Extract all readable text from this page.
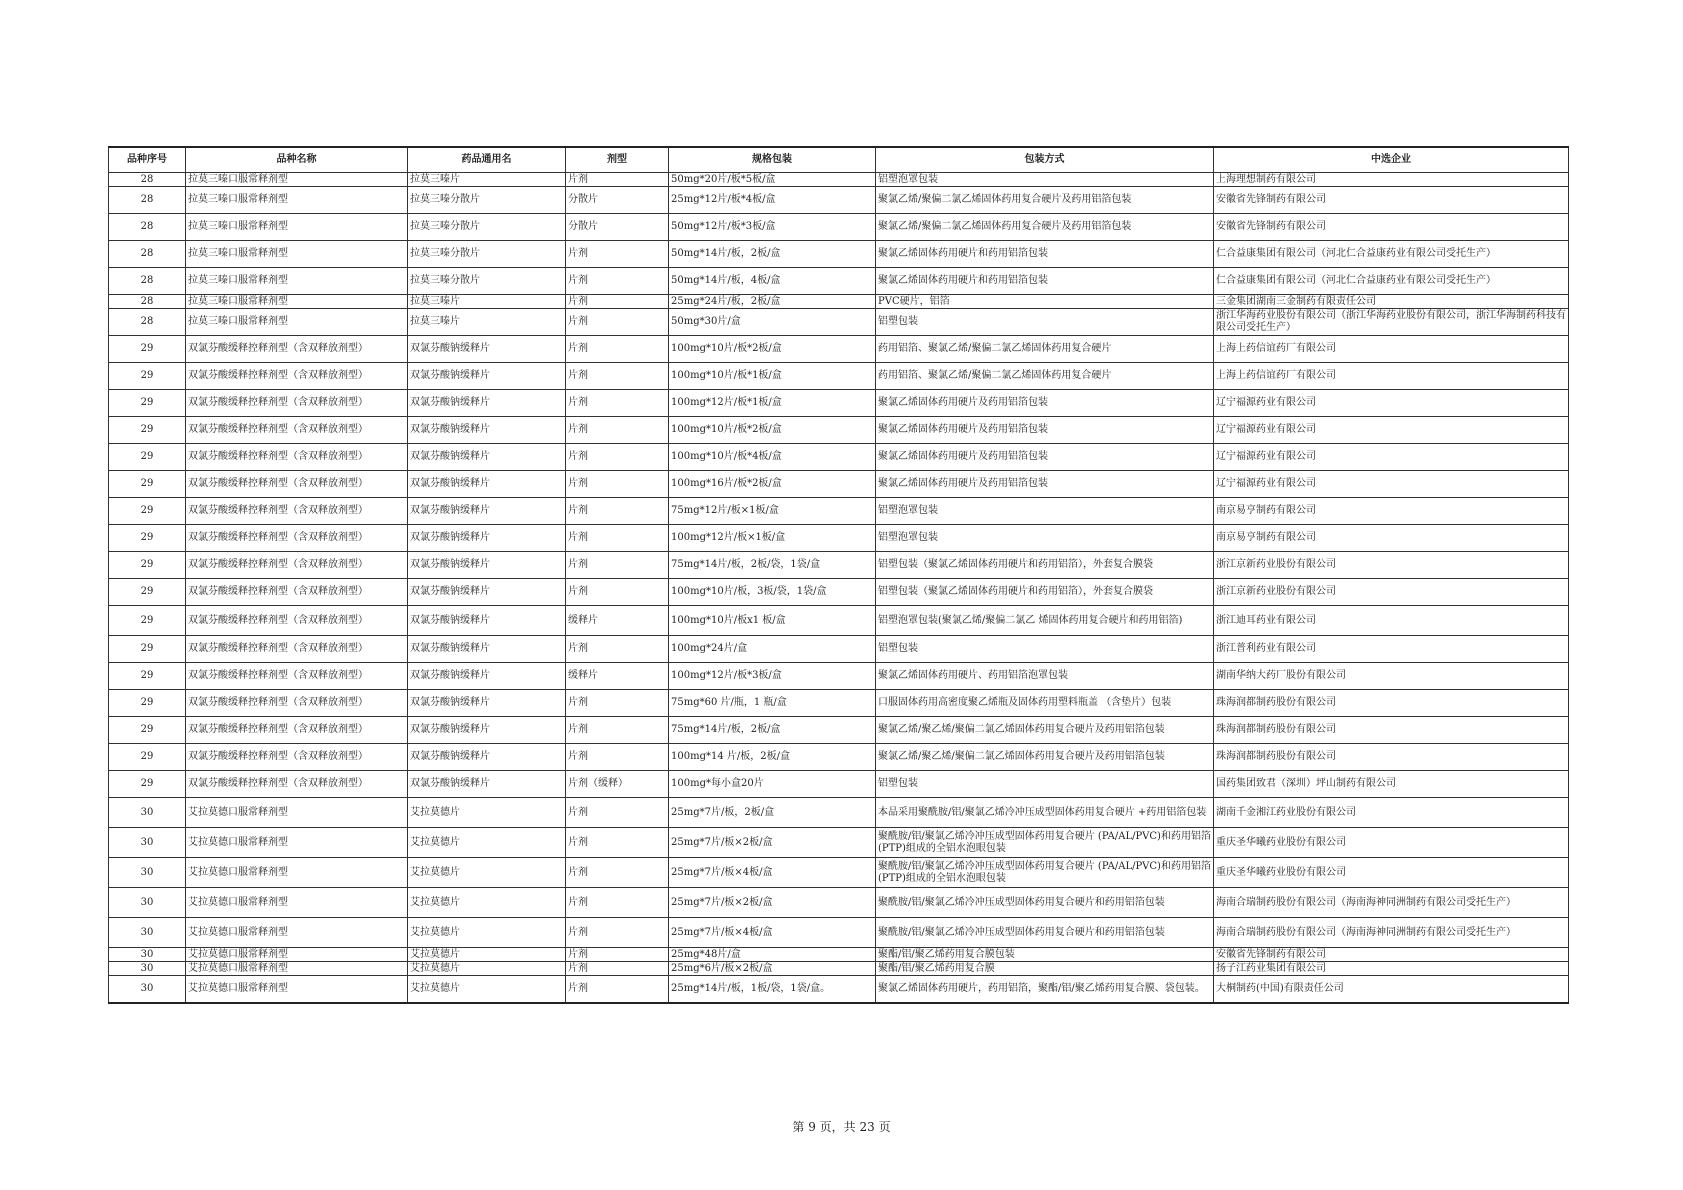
品种序号	品种名称	药品通用名	剂型	规格包装	包装方式	中选企业
28	拉莫三嗪口服常释剂型	拉莫三嗪片	片剂	50mg*20片/板*5板/盒	铝塑泡罩包装	上海理想制药有限公司
28	拉莫三嗪口服常释剂型	拉莫三嗪分散片	分散片	25mg*12片/板*4板/盒	聚氯乙烯/聚偏二氯乙烯固体药用复合硬片及药用铝箔包装	安徽省先锋制药有限公司
28	拉莫三嗪口服常释剂型	拉莫三嗪分散片	分散片	50mg*12片/板*3板/盒	聚氯乙烯/聚偏二氯乙烯固体药用复合硬片及药用铝箔包装	安徽省先锋制药有限公司
28	拉莫三嗪口服常释剂型	拉莫三嗪分散片	片剂	50mg*14片/板，2板/盒	聚氯乙烯固体药用硬片和药用铝箔包装	仁合益康集团有限公司（河北仁合益康药业有限公司受托生产）
28	拉莫三嗪口服常释剂型	拉莫三嗪分散片	片剂	50mg*14片/板，4板/盒	聚氯乙烯固体药用硬片和药用铝箔包装	仁合益康集团有限公司（河北仁合益康药业有限公司受托生产）
28	拉莫三嗪口服常释剂型	拉莫三嗪片	片剂	25mg*24片/板，2板/盒	PVC硬片，铝箔	三金集团湖南三金制药有限责任公司
28	拉莫三嗪口服常释剂型	拉莫三嗪片	片剂	50mg*30片/盒	铝塑包装	浙江华海药业股份有限公司（浙江华海药业股份有限公司，浙江华海制药科技有限公司受托生产）
29	双氯芬酸缓释控释剂型（含双释放剂型）	双氯芬酸钠缓释片	片剂	100mg*10片/板*2板/盒	药用铝箔、聚氯乙烯/聚偏二氯乙烯固体药用复合硬片	上海上药信谊药厂有限公司
29	双氯芬酸缓释控释剂型（含双释放剂型）	双氯芬酸钠缓释片	片剂	100mg*10片/板*1板/盒	药用铝箔、聚氯乙烯/聚偏二氯乙烯固体药用复合硬片	上海上药信谊药厂有限公司
29	双氯芬酸缓释控释剂型（含双释放剂型）	双氯芬酸钠缓释片	片剂	100mg*12片/板*1板/盒	聚氯乙烯固体药用硬片及药用铝箔包装	辽宁福源药业有限公司
29	双氯芬酸缓释控释剂型（含双释放剂型）	双氯芬酸钠缓释片	片剂	100mg*10片/板*2板/盒	聚氯乙烯固体药用硬片及药用铝箔包装	辽宁福源药业有限公司
29	双氯芬酸缓释控释剂型（含双释放剂型）	双氯芬酸钠缓释片	片剂	100mg*10片/板*4板/盒	聚氯乙烯固体药用硬片及药用铝箔包装	辽宁福源药业有限公司
29	双氯芬酸缓释控释剂型（含双释放剂型）	双氯芬酸钠缓释片	片剂	100mg*16片/板*2板/盒	聚氯乙烯固体药用硬片及药用铝箔包装	辽宁福源药业有限公司
29	双氯芬酸缓释控释剂型（含双释放剂型）	双氯芬酸钠缓释片	片剂	75mg*12片/板×1板/盒	铝塑泡罩包装	南京易亨制药有限公司
29	双氯芬酸缓释控释剂型（含双释放剂型）	双氯芬酸钠缓释片	片剂	100mg*12片/板×1板/盒	铝塑泡罩包装	南京易亨制药有限公司
29	双氯芬酸缓释控释剂型（含双释放剂型）	双氯芬酸钠缓释片	片剂	75mg*14片/板，2板/袋，1袋/盒	铝塑包装（聚氯乙烯固体药用硬片和药用铝箔），外套复合膜袋	浙江京新药业股份有限公司
29	双氯芬酸缓释控释剂型（含双释放剂型）	双氯芬酸钠缓释片	片剂	100mg*10片/板，3板/袋，1袋/盒	铝塑包装（聚氯乙烯固体药用硬片和药用铝箔），外套复合膜袋	浙江京新药业股份有限公司
29	双氯芬酸缓释控释剂型（含双释放剂型）	双氯芬酸钠缓释片	缓释片	100mg*10片/板x1 板/盒	铝塑泡罩包装(聚氯乙烯/聚偏二氯乙 烯固体药用复合硬片和药用铝箔)	浙江迪耳药业有限公司
29	双氯芬酸缓释控释剂型（含双释放剂型）	双氯芬酸钠缓释片	片剂	100mg*24片/盒	铝塑包装	浙江普利药业有限公司
29	双氯芬酸缓释控释剂型（含双释放剂型）	双氯芬酸钠缓释片	缓释片	100mg*12片/板*3板/盒	聚氯乙烯固体药用硬片、药用铝箔泡罩包装	湖南华纳大药厂股份有限公司
29	双氯芬酸缓释控释剂型（含双释放剂型）	双氯芬酸钠缓释片	片剂	75mg*60 片/瓶，1 瓶/盒	口服固体药用高密度聚乙烯瓶及固体药用塑料瓶盖 （含垫片）包装	珠海润都制药股份有限公司
29	双氯芬酸缓释控释剂型（含双释放剂型）	双氯芬酸钠缓释片	片剂	75mg*14片/板，2板/盒	聚氯乙烯/聚乙烯/聚偏二氯乙烯固体药用复合硬片及药用铝箔包装	珠海润都制药股份有限公司
29	双氯芬酸缓释控释剂型（含双释放剂型）	双氯芬酸钠缓释片	片剂	100mg*14 片/板，2板/盒	聚氯乙烯/聚乙烯/聚偏二氯乙烯固体药用复合硬片及药用铝箔包装	珠海润都制药股份有限公司
29	双氯芬酸缓释控释剂型（含双释放剂型）	双氯芬酸钠缓释片	片剂（缓释）	100mg*每小盒20片	铝塑包装	国药集团致君（深圳）坪山制药有限公司
30	艾拉莫德口服常释剂型	艾拉莫德片	片剂	25mg*7片/板，2板/盒	本品采用聚酰胺/铝/聚氯乙烯冷冲压成型固体药用复合硬片 +药用铝箔包装	湖南千金湘江药业股份有限公司
30	艾拉莫德口服常释剂型	艾拉莫德片	片剂	25mg*7片/板×2板/盒	聚酰胺/铝/聚氯乙烯冷冲压成型固体药用复合硬片 (PA/AL/PVC)和药用铝箔(PTP)组成的全铝水泡眼包装	重庆圣华曦药业股份有限公司
30	艾拉莫德口服常释剂型	艾拉莫德片	片剂	25mg*7片/板×4板/盒	聚酰胺/铝/聚氯乙烯冷冲压成型固体药用复合硬片 (PA/AL/PVC)和药用铝箔(PTP)组成的全铝水泡眼包装	重庆圣华曦药业股份有限公司
30	艾拉莫德口服常释剂型	艾拉莫德片	片剂	25mg*7片/板×2板/盒	聚酰胺/铝/聚氯乙烯冷冲压成型固体药用复合硬片和药用铝箔包装	海南合瑞制药股份有限公司（海南海神同洲制药有限公司受托生产）
30	艾拉莫德口服常释剂型	艾拉莫德片	片剂	25mg*7片/板×4板/盒	聚酰胺/铝/聚氯乙烯冷冲压成型固体药用复合硬片和药用铝箔包装	海南合瑞制药股份有限公司（海南海神同洲制药有限公司受托生产）
30	艾拉莫德口服常释剂型	艾拉莫德片	片剂	25mg*48片/盒	聚酯/铝/聚乙烯药用复合膜包装	安徽省先锋制药有限公司
30	艾拉莫德口服常释剂型	艾拉莫德片	片剂	25mg*6片/板×2板/盒	聚酯/铝/聚乙烯药用复合膜	扬子江药业集团有限公司
30	艾拉莫德口服常释剂型	艾拉莫德片	片剂	25mg*14片/板，1板/袋，1袋/盒。	聚氯乙烯固体药用硬片，药用铝箔，聚酯/铝/聚乙烯药用复合膜、袋包装。	大桐制药(中国)有限责任公司
第 9 页，共 23 页
